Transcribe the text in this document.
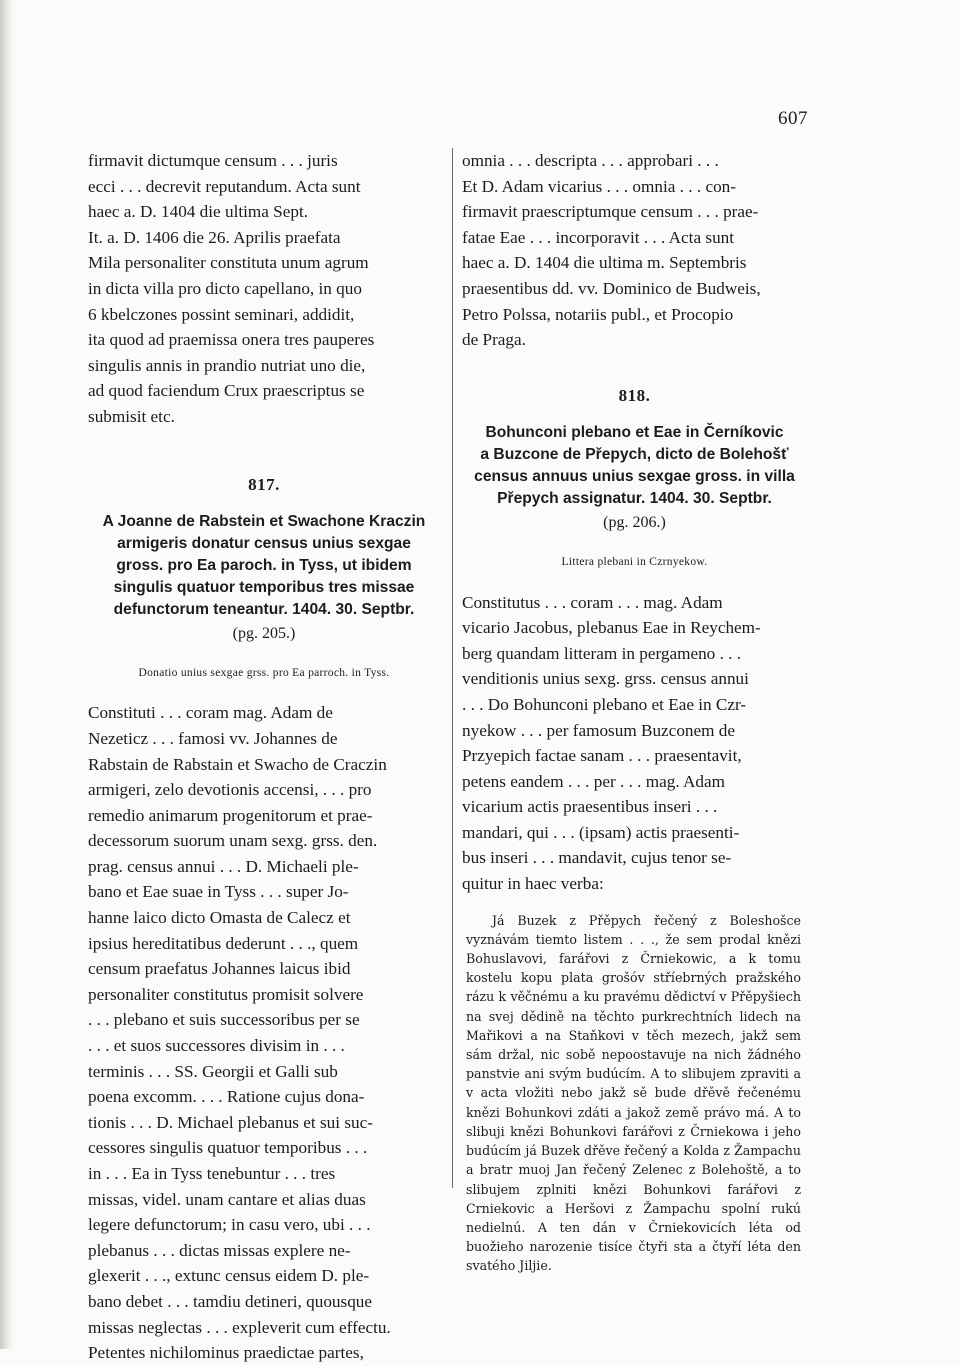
607

firmavit dictumque censum . . . juris
ecci . . . decrevit reputandum. Acta sunt
haec a. D. 1404 die ultima Sept.
It. a. D. 1406 die 26. Aprilis praefata
Mila personaliter constituta unum agrum
in dicta villa pro dicto capellano, in quo
6 kbelczones possint seminari, addidit,
ita quod ad praemissa onera tres pauperes
singulis annis in prandio nutriat uno die,
ad quod faciendum Crux praescriptus se
submisit etc.

817.

A Joanne de Rabstein et Swachone Kraczin
armigeris donatur census unius sexgae
gross. pro Ea paroch. in Tyss, ut ibidem
singulis quatuor temporibus tres missae
defunctorum teneantur. 1404. 30. Septbr.

(pg. 205.)

Donatio unius sexgae grss. pro Ea parroch. in Tyss.

Constituti . . . coram mag. Adam de
Nezeticz . . . famosi vv. Johannes de
Rabstain de Rabstain et Swacho de Craczin
armigeri, zelo devotionis accensi, . . . pro
remedio animarum progenitorum et prae-
decessorum suorum unam sexg. grss. den.
prag. census annui . . . D. Michaeli ple-
bano et Eae suae in Tyss . . . super Jo-
hanne laico dicto Omasta de Calecz et
ipsius hereditatibus dederunt . . ., quem
censum praefatus Johannes laicus ibid
personaliter constitutus promisit solvere
. . . plebano et suis successoribus per se
. . . et suos successores divisim in . . .
terminis . . . SS. Georgii et Galli sub
poena excomm. . . . Ratione cujus dona-
tionis . . . D. Michael plebanus et sui suc-
cessores singulis quatuor temporibus . . .
in . . . Ea in Tyss tenebuntur . . . tres
missas, videl. unam cantare et alias duas
legere defunctorum; in casu vero, ubi . . .
plebanus . . . dictas missas explere ne-
glexerit . . ., extunc census eidem D. ple-
bano debet . . . tamdiu detineri, quousque
missas neglectas . . . expleverit cum effectu.
Petentes nichilominus praedictae partes,

omnia . . . descripta . . . approbari . . .
Et D. Adam vicarius . . . omnia . . . con-
firmavit praescriptumque censum . . . prae-
fatae Eae . . . incorporavit . . . Acta sunt
haec a. D. 1404 die ultima m. Septembris
praesentibus dd. vv. Dominico de Budweis,
Petro Polssa, notariis publ., et Procopio
de Praga.

818.

Bohunconi plebano et Eae in Černíkovic
a Buzcone de Přepych, dicto de Bolehošť
census annuus unius sexgae gross. in villa
Přepych assignatur. 1404. 30. Septbr.

(pg. 206.)

Littera plebani in Czrnyekow.

Constitutus . . . coram . . . mag. Adam
vicario Jacobus, plebanus Eae in Reychem-
berg quandam litteram in pergameno . . .
venditionis unius sexg. grss. census annui
. . . Do Bohunconi plebano et Eae in Czr-
nyekow . . . per famosum Buzconem de
Przyepich factae sanam . . . praesentavit,
petens eandem . . . per . . . mag. Adam
vicarium actis praesentibus inseri . . .
mandari, qui . . . (ipsam) actis praesenti-
bus inseri . . . mandavit, cujus tenor se-
quitur in haec verba:

Já Buzek z Přěpych řečený z Boleshošce vyznávám tiemto listem . . ., že sem prodal knězi Bohuslavovi, farářovi z Črniekowic, a k tomu kostelu kopu plata grošóv stříebrných pražského rázu k věčnému a ku pravému dědictví v Přěpyšiech na svej dědině na těchto purkrechtních lidech na Mařikovi a na Staňkovi v těch mezech, jakž sem sám držal, nic sobě nepoostavuje na nich žádného panstvie ani svým budúcím. A to slibujem zpraviti a v acta vložiti nebo jakž sě bude dřěvě řečenému knězi Bohunkovi zdáti a jakož země právo má. A to slibuji knězi Bohunkovi farářovi z Črniekowa i jeho budúcím já Buzek dřěve řečený a Kolda z Žampachu a bratr muoj Jan řečený Zelenec z Bolehoště, a to slibujem zplniti knězi Bohunkovi farářovi z Crniekovic a Heršovi z Žampachu spolní rukú nedielnú. A ten dán v Črniekovicích léta od buožieho narozenie tisíce čtyři sta a čtyří léta den svatého Jiljie.
